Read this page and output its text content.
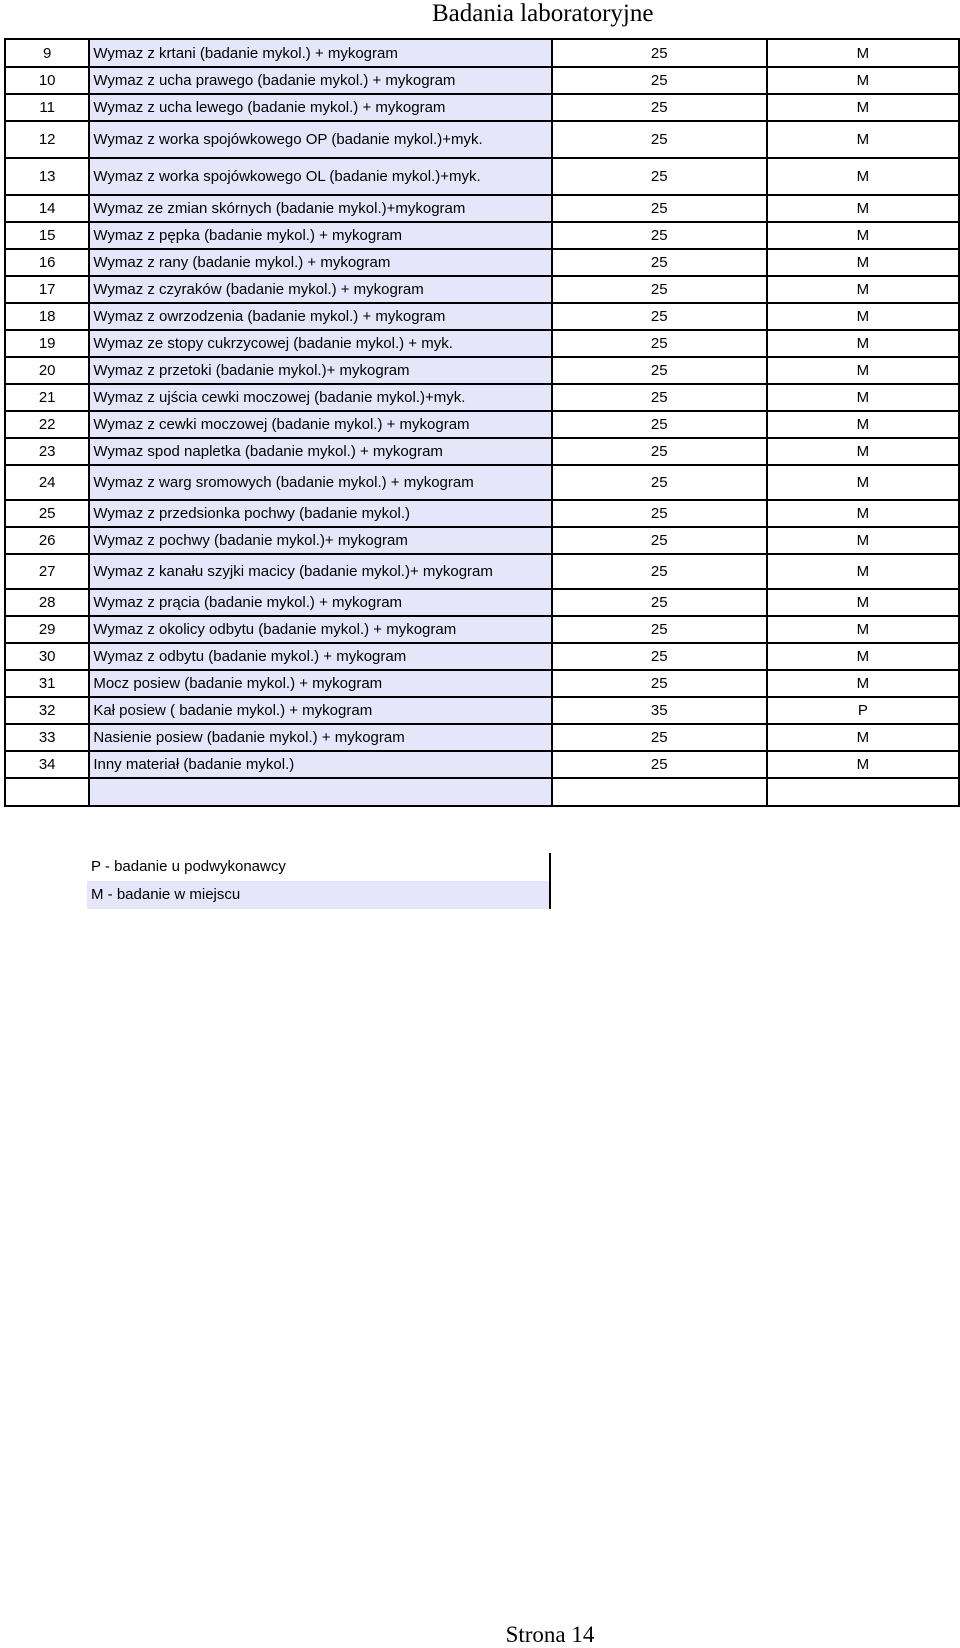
Badania laboratoryjne
9	Wymaz z krtani (badanie mykol.) + mykogram	25	M
10	Wymaz z ucha prawego (badanie mykol.) + mykogram	25	M
11	Wymaz z ucha lewego (badanie mykol.) + mykogram	25	M
12	Wymaz z worka spojówkowego OP (badanie mykol.)+myk.	25	M
13	Wymaz z worka spojówkowego OL (badanie mykol.)+myk.	25	M
14	Wymaz ze zmian skórnych (badanie mykol.)+mykogram	25	M
15	Wymaz z pępka (badanie mykol.) + mykogram	25	M
16	Wymaz z rany (badanie mykol.) + mykogram	25	M
17	Wymaz z czyraków (badanie mykol.) + mykogram	25	M
18	Wymaz z owrzodzenia (badanie mykol.) + mykogram	25	M
19	Wymaz ze stopy cukrzycowej (badanie mykol.) + myk.	25	M
20	Wymaz z przetoki (badanie mykol.)+ mykogram	25	M
21	Wymaz z ujścia cewki moczowej (badanie mykol.)+myk.	25	M
22	Wymaz z cewki moczowej (badanie mykol.) + mykogram	25	M
23	Wymaz spod napletka (badanie mykol.) + mykogram	25	M
24	Wymaz z warg sromowych (badanie mykol.) + mykogram	25	M
25	Wymaz z przedsionka pochwy (badanie mykol.)	25	M
26	Wymaz z pochwy (badanie mykol.)+ mykogram	25	M
27	Wymaz z kanału szyjki macicy (badanie mykol.)+ mykogram	25	M
28	Wymaz z prącia (badanie mykol.) + mykogram	25	M
29	Wymaz z okolicy odbytu (badanie mykol.) + mykogram	25	M
30	Wymaz z odbytu (badanie mykol.) + mykogram	25	M
31	Mocz posiew (badanie mykol.) + mykogram	25	M
32	Kał posiew ( badanie mykol.) + mykogram	35	P
33	Nasienie posiew (badanie mykol.) + mykogram	25	M
34	Inny materiał (badanie mykol.)	25	M

P - badanie u podwykonawcy
M - badanie w miejscu
Strona 14
